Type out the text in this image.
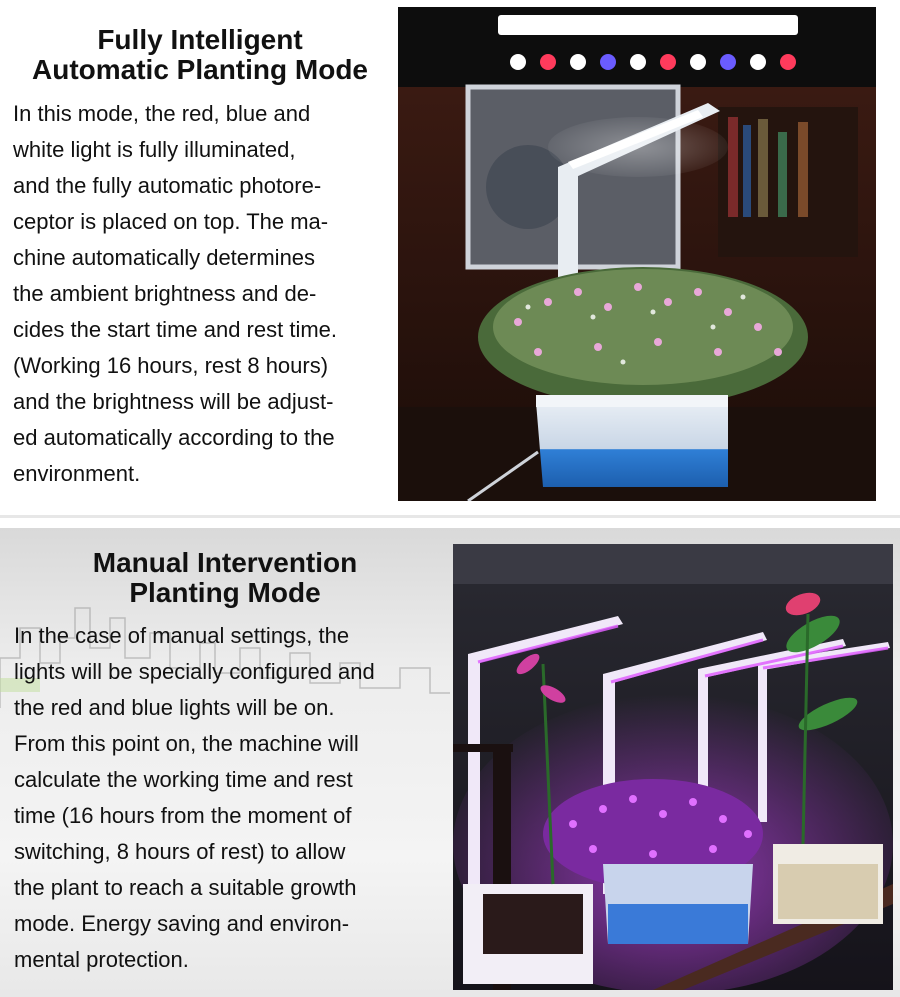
Fully Intelligent
Automatic Planting Mode

In this mode, the red, blue and
white light is fully illuminated,
and the fully automatic photore-
ceptor is placed on top. The ma-
chine automatically determines
the ambient brightness and de-
cides the start time and rest time.
(Working 16 hours, rest 8 hours)
and the brightness will be adjust-
ed automatically according to the
environment.

Manual Intervention
Planting Mode

In the case of manual settings, the
lights will be specially configured and
the red and blue lights will be on.
From this point on, the machine will
calculate the working time and rest
time (16 hours from the moment of
switching, 8 hours of rest) to allow
the plant to reach a suitable growth
mode. Energy saving and environ-
mental protection.
